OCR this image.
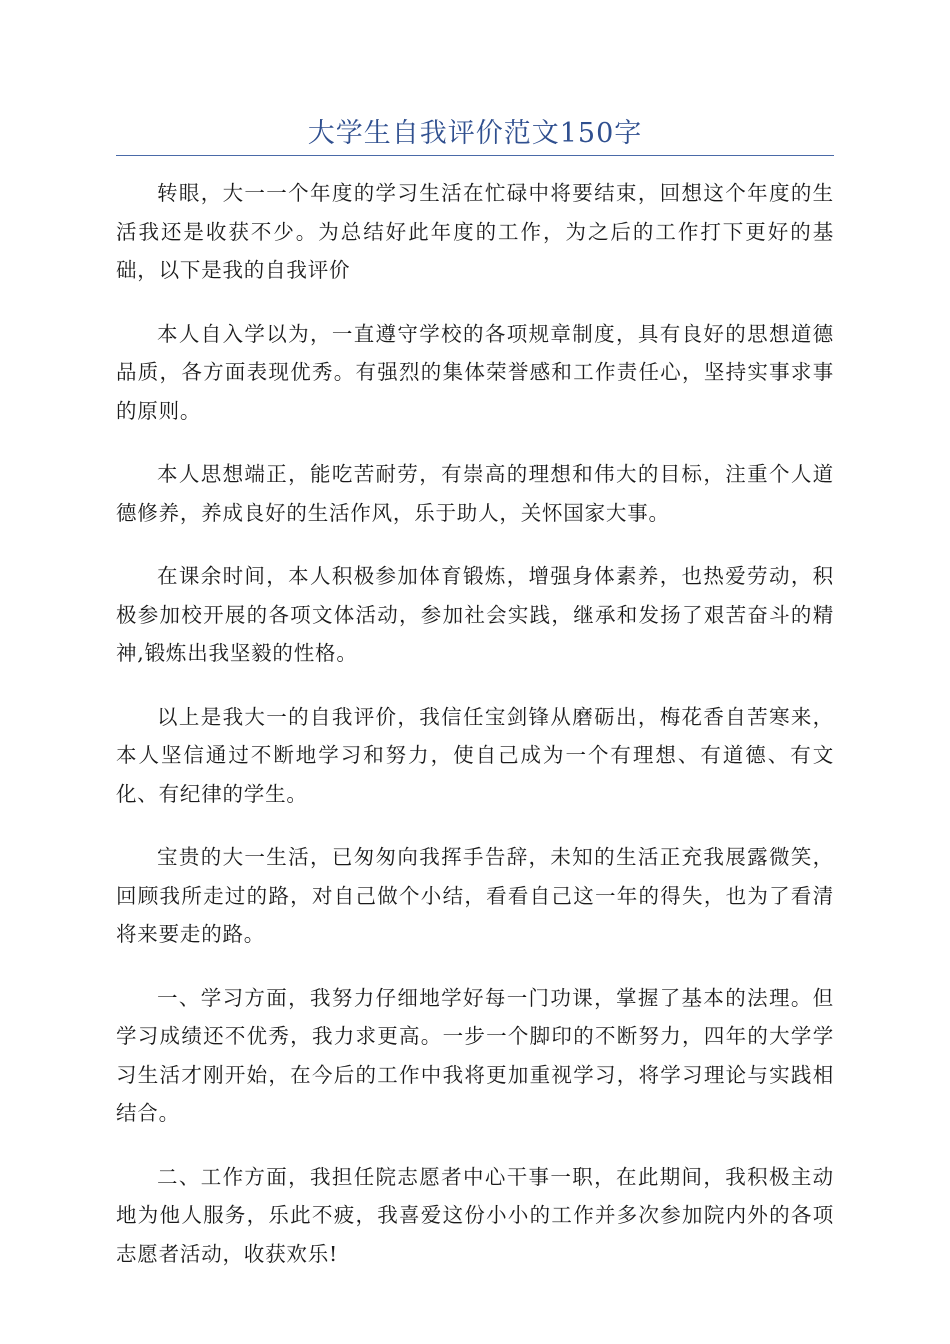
大学生自我评价范文150字

转眼，大一一个年度的学习生活在忙碌中将要结束，回想这个年度的生活我还是收获不少。为总结好此年度的工作，为之后的工作打下更好的基础，以下是我的自我评价

本人自入学以为，一直遵守学校的各项规章制度，具有良好的思想道德品质，各方面表现优秀。有强烈的集体荣誉感和工作责任心，坚持实事求事的原则。

本人思想端正，能吃苦耐劳，有崇高的理想和伟大的目标，注重个人道德修养，养成良好的生活作风，乐于助人，关怀国家大事。

在课余时间，本人积极参加体育锻炼，增强身体素养，也热爱劳动，积极参加校开展的各项文体活动，参加社会实践，继承和发扬了艰苦奋斗的精神,锻炼出我坚毅的性格。

以上是我大一的自我评价，我信任宝剑锋从磨砺出，梅花香自苦寒来，本人坚信通过不断地学习和努力，使自己成为一个有理想、有道德、有文化、有纪律的学生。

宝贵的大一生活，已匆匆向我挥手告辞，未知的生活正充我展露微笑，回顾我所走过的路，对自己做个小结，看看自己这一年的得失，也为了看清将来要走的路。

一、学习方面，我努力仔细地学好每一门功课，掌握了基本的法理。但学习成绩还不优秀，我力求更高。一步一个脚印的不断努力，四年的大学学习生活才刚开始，在今后的工作中我将更加重视学习，将学习理论与实践相结合。

二、工作方面，我担任院志愿者中心干事一职，在此期间，我积极主动地为他人服务，乐此不疲，我喜爱这份小小的工作并多次参加院内外的各项志愿者活动，收获欢乐!
